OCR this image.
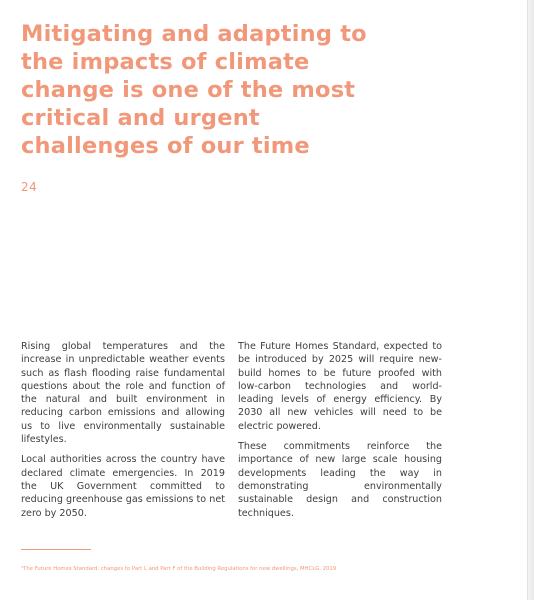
Mitigating and adapting to the impacts of climate change is one of the most critical and urgent challenges of our time
24

Rising global temperatures and the increase in unpredictable weather events such as flash flooding raise fundamental questions about the role and function of the natural and built environment in reducing carbon emissions and allowing us to live environmentally sustainable lifestyles.

Local authorities across the country have declared climate emergencies. In 2019 the UK Government committed to reducing greenhouse gas emissions to net zero by 2050.

The Future Homes Standard, expected to be introduced by 2025 will require new-build homes to be future proofed with low-carbon technologies and world-leading levels of energy efficiency. By 2030 all new vehicles will need to be electric powered.

These commitments reinforce the importance of new large scale housing developments leading the way in demonstrating environmentally sustainable design and construction techniques.

¹The Future Homes Standard: changes to Part L and Part F of the Building Regulations for new dwellings, MHCLG, 2019
